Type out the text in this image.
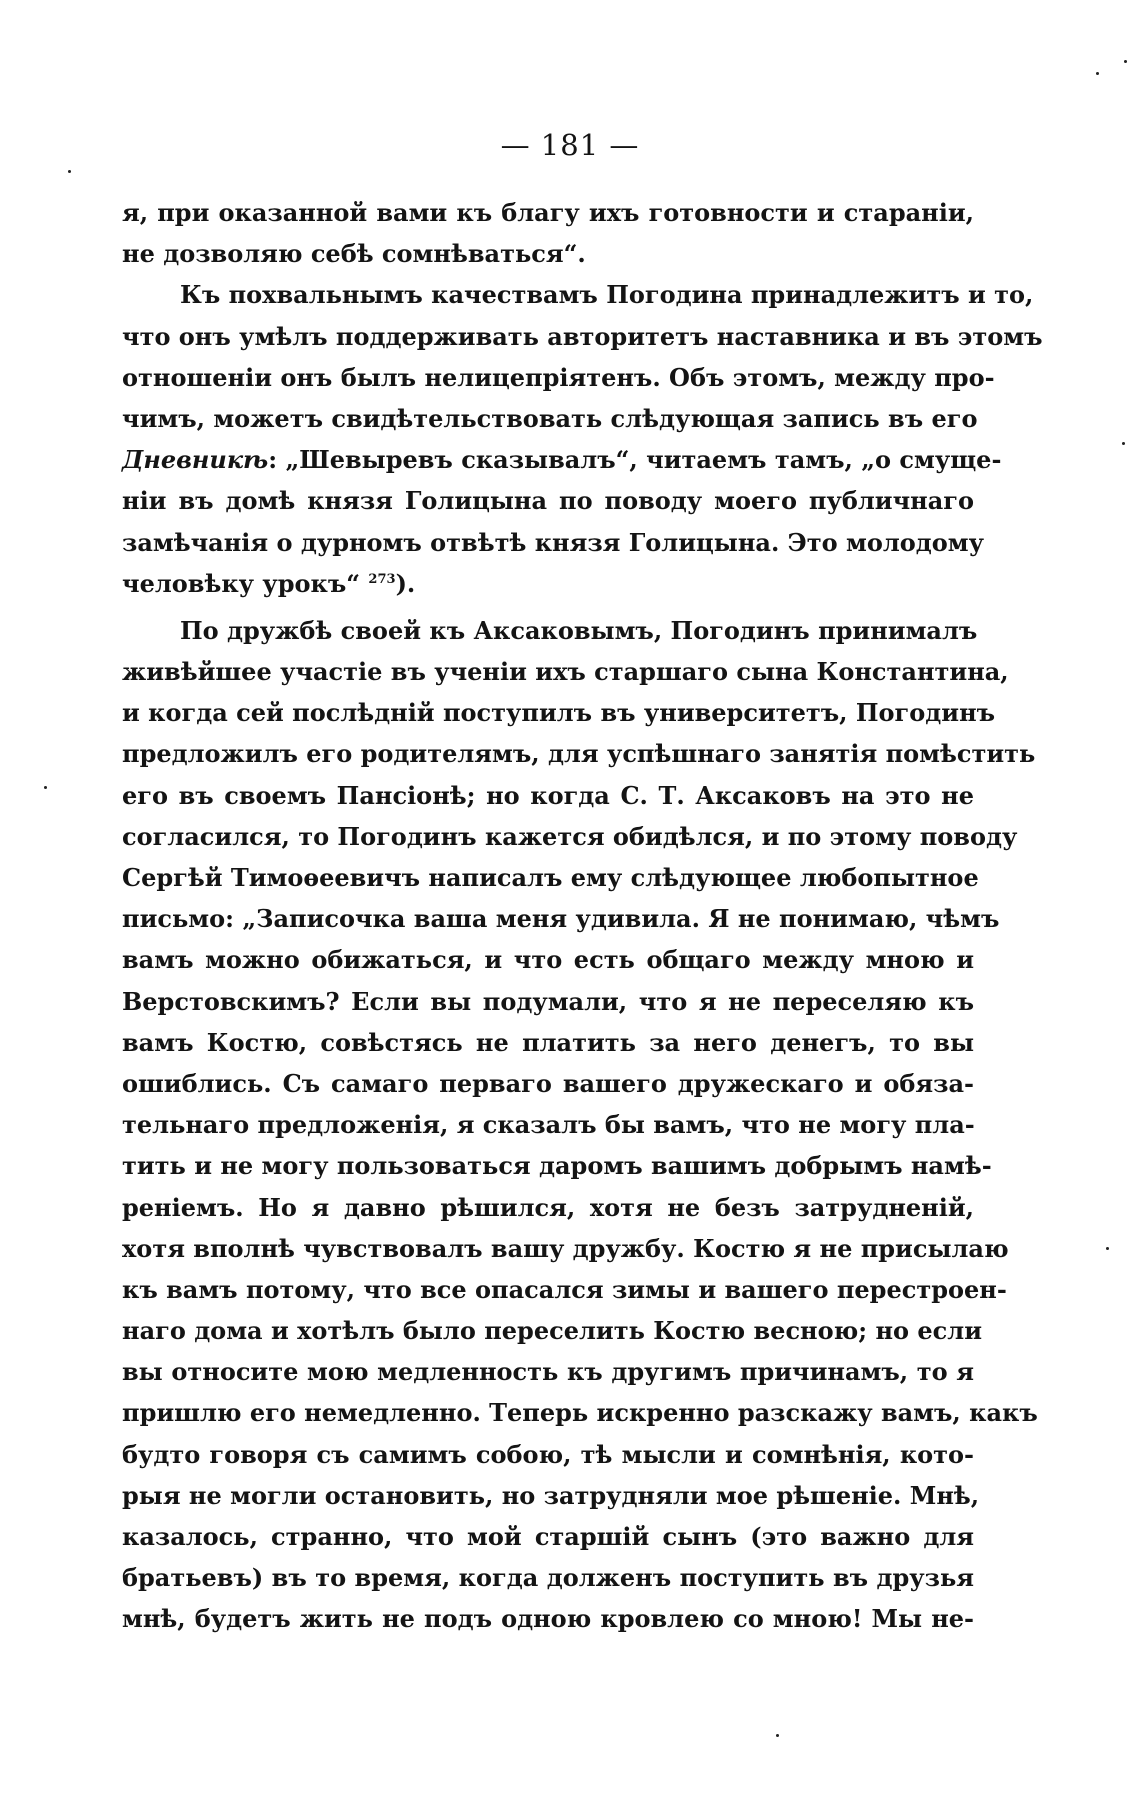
— 181 —
я, при оказанной вами къ благу ихъ готовности и стараніи,
не дозволяю себѣ сомнѣваться“.
Къ похвальнымъ качествамъ Погодина принадлежитъ и то,
что онъ умѣлъ поддерживать авторитетъ наставника и въ этомъ
отношеніи онъ былъ нелицепріятенъ. Объ этомъ, между про-
чимъ, можетъ свидѣтельствовать слѣдующая запись въ его
Дневникѣ: „Шевыревъ сказывалъ“, читаемъ тамъ, „о смуще-
ніи въ домѣ князя Голицына по поводу моего публичнаго
замѣчанія о дурномъ отвѣтѣ князя Голицына. Это молодому
человѣку урокъ“ $^{273}$).
По дружбѣ своей къ Аксаковымъ, Погодинъ принималъ
живѣйшее участіе въ ученіи ихъ старшаго сына Константина,
и когда сей послѣдній поступилъ въ университетъ, Погодинъ
предложилъ его родителямъ, для успѣшнаго занятія помѣстить
его въ своемъ Пансіонѣ; но когда С. Т. Аксаковъ на это не
согласился, то Погодинъ кажется обидѣлся, и по этому поводу
Сергѣй Тимоѳеевичъ написалъ ему слѣдующее любопытное
письмо: „Записочка ваша меня удивила. Я не понимаю, чѣмъ
вамъ можно обижаться, и что есть общаго между мною и
Верстовскимъ? Если вы подумали, что я не переселяю къ
вамъ Костю, совѣстясь не платить за него денегъ, то вы
ошиблись. Съ самаго перваго вашего дружескаго и обяза-
тельнаго предложенія, я сказалъ бы вамъ, что не могу пла-
тить и не могу пользоваться даромъ вашимъ добрымъ намѣ-
реніемъ. Но я давно рѣшился, хотя не безъ затрудненій,
хотя вполнѣ чувствовалъ вашу дружбу. Костю я не присылаю
къ вамъ потому, что все опасался зимы и вашего перестроен-
наго дома и хотѣлъ было переселить Костю весною; но если
вы относите мою медленность къ другимъ причинамъ, то я
пришлю его немедленно. Теперь искренно разскажу вамъ, какъ
будто говоря съ самимъ собою, тѣ мысли и сомнѣнія, кото-
рыя не могли остановить, но затрудняли мое рѣшеніе. Мнѣ,
казалось, странно, что мой старшій сынъ (это важно для
братьевъ) въ то время, когда долженъ поступить въ друзья
мнѣ, будетъ жить не подъ одною кровлею со мною! Мы не-
